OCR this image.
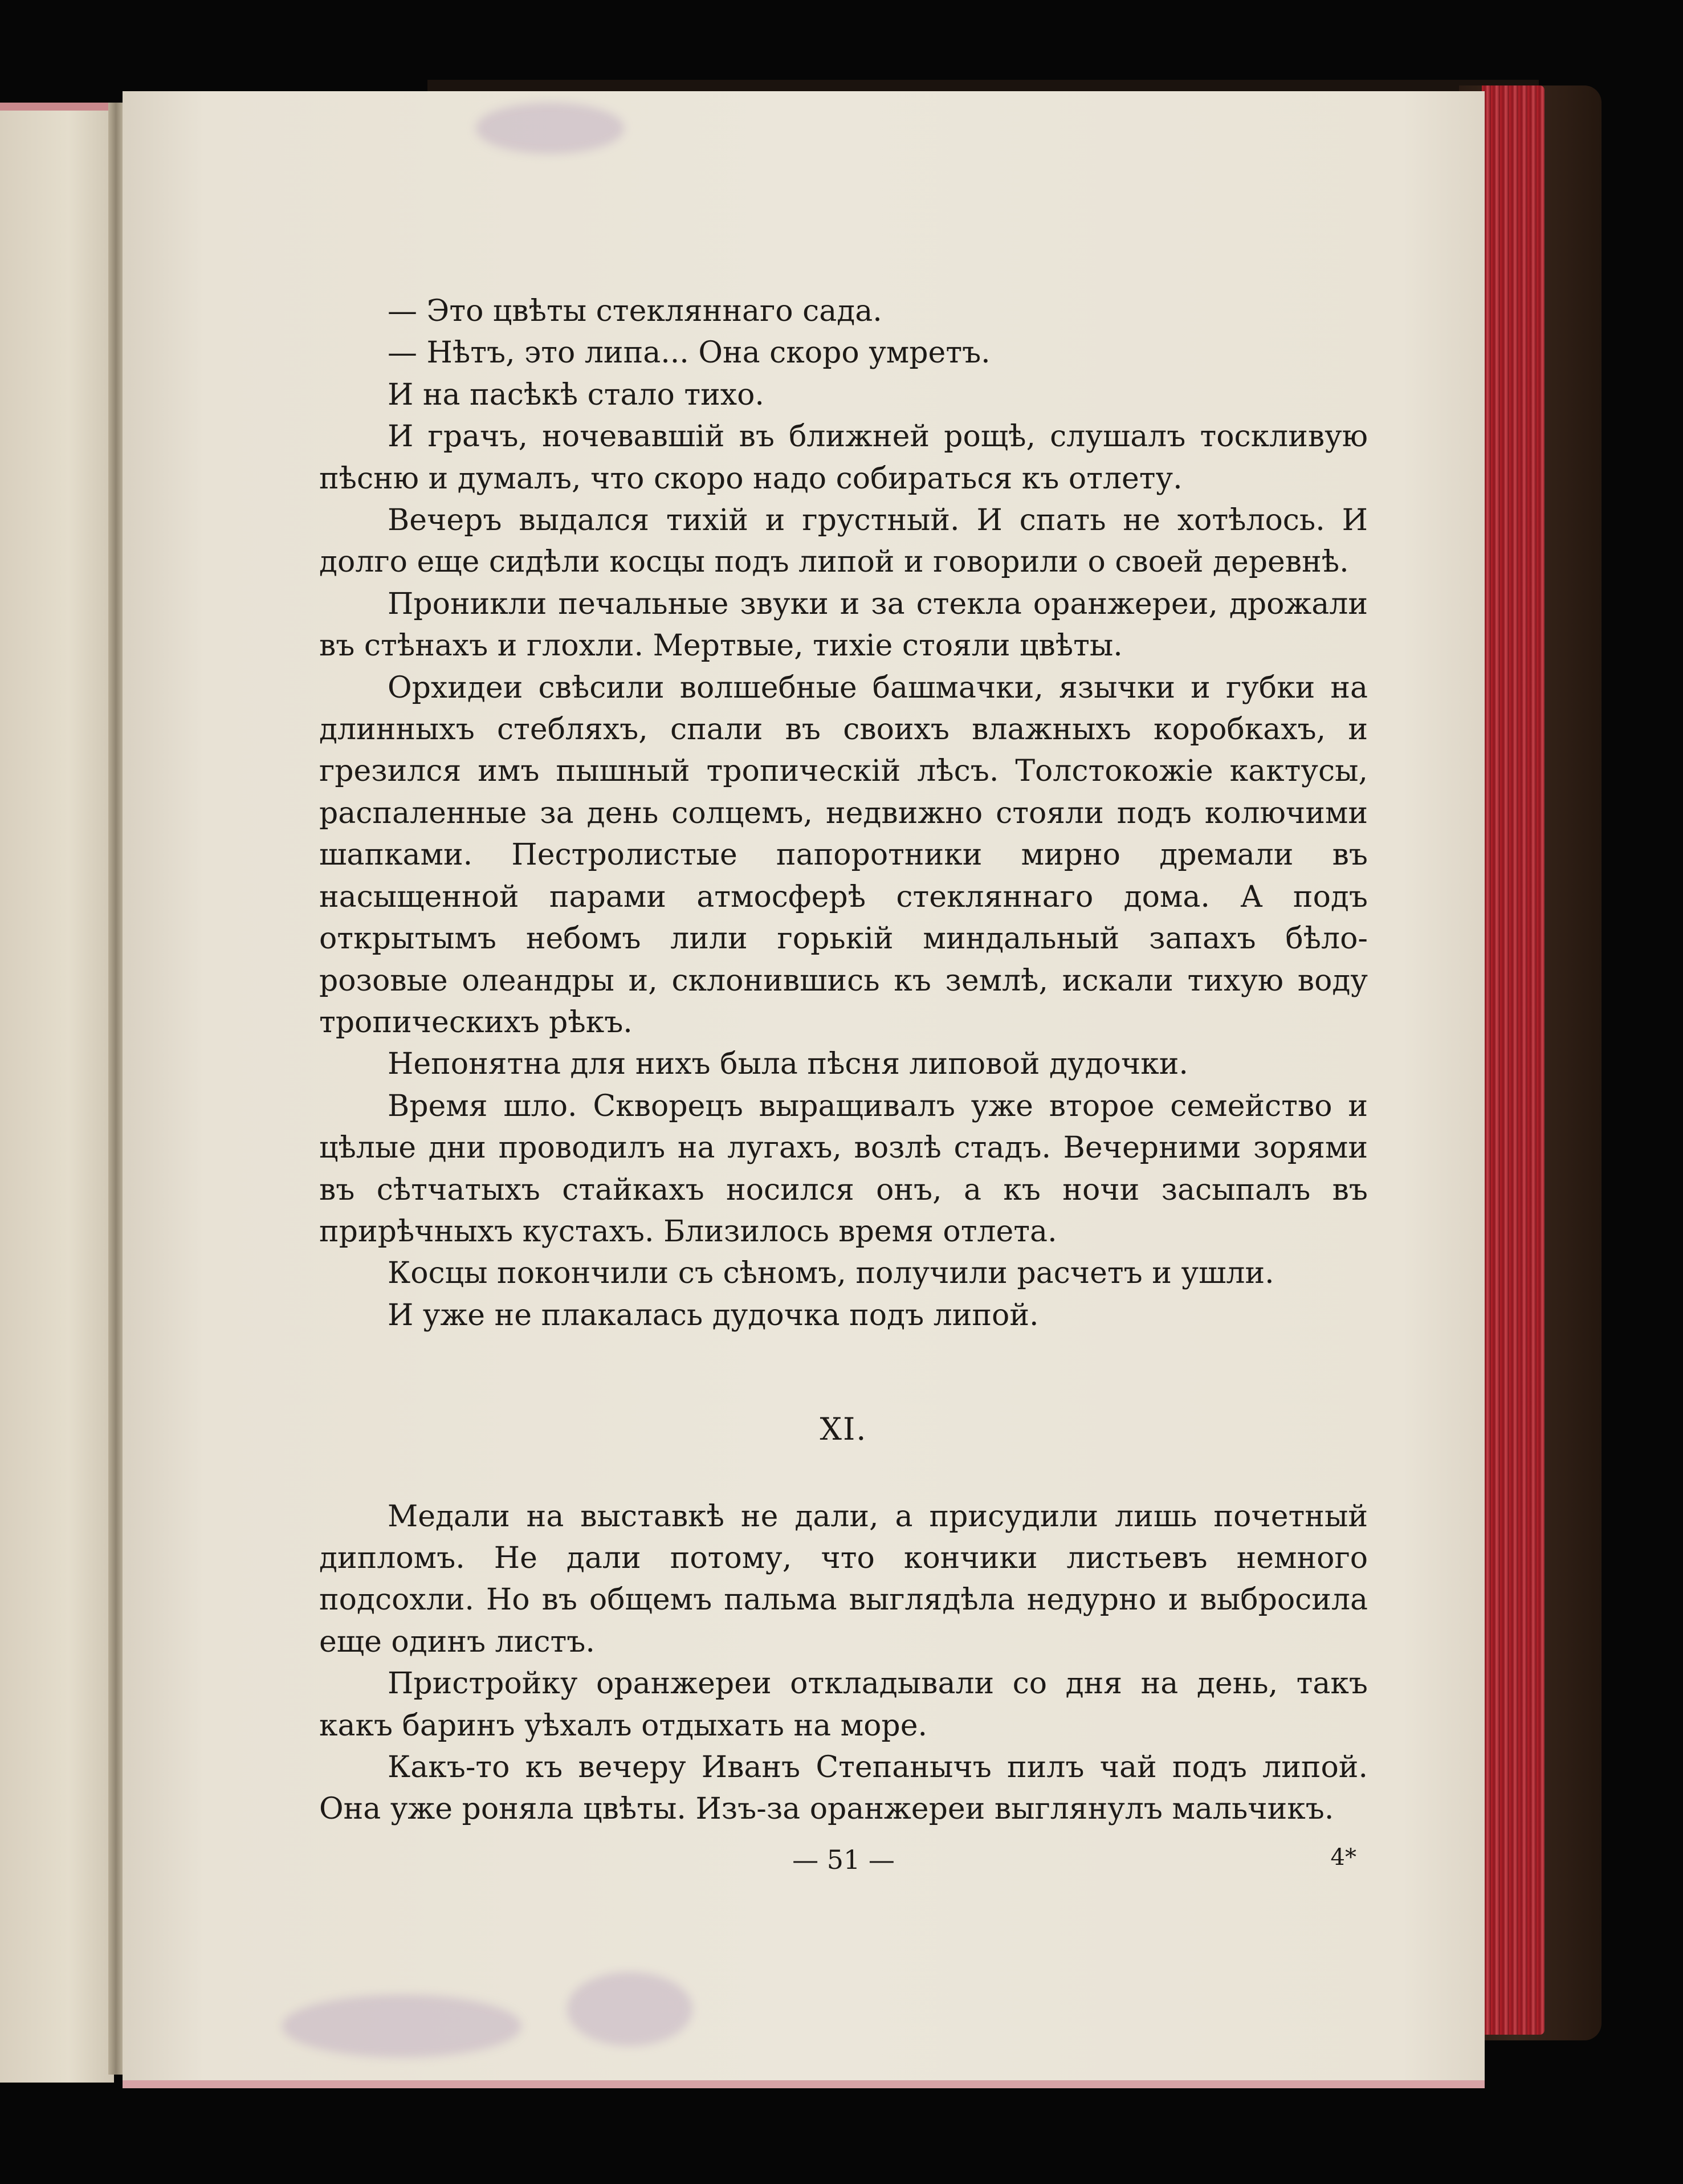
— Это цвѣты стекляннаго сада.

— Нѣтъ, это липа... Она скоро умретъ.

И на пасѣкѣ стало тихо.

И грачъ, ночевавшій въ ближней рощѣ, слушалъ тоскливую пѣсню и думалъ, что скоро надо собираться къ отлету.

Вечеръ выдался тихій и грустный. И спать не хотѣлось. И долго еще сидѣли косцы подъ липой и говорили о своей деревнѣ.

Проникли печальные звуки и за стекла оранжереи, дрожали въ стѣнахъ и глохли. Мертвые, тихіе стояли цвѣты.

Орхидеи свѣсили волшебные башмачки, язычки и губки на длинныхъ стебляхъ, спали въ своихъ влажныхъ коробкахъ, и грезился имъ пышный тропическій лѣсъ. Толстокожіе кактусы, распаленные за день солцемъ, недвижно стояли подъ колючими шапками. Пестролистые папоротники мирно дремали въ насыщенной парами атмосферѣ стекляннаго дома. А подъ открытымъ небомъ лили горькій миндальный запахъ бѣло-розовые олеандры и, склонившись къ землѣ, искали тихую воду тропическихъ рѣкъ.

Непонятна для нихъ была пѣсня липовой дудочки.

Время шло. Скворецъ выращивалъ уже второе семейство и цѣлые дни проводилъ на лугахъ, возлѣ стадъ. Вечерними зорями въ сѣтчатыхъ стайкахъ носился онъ, а къ ночи засыпалъ въ прирѣчныхъ кустахъ. Близилось время отлета.

Косцы покончили съ сѣномъ, получили расчетъ и ушли.

И уже не плакалась дудочка подъ липой.

XI.

Медали на выставкѣ не дали, а присудили лишь почетный дипломъ. Не дали потому, что кончики листьевъ немного подсохли. Но въ общемъ пальма выглядѣла недурно и выбросила еще одинъ листъ.

Пристройку оранжереи откладывали со дня на день, такъ какъ баринъ уѣхалъ отдыхать на море.

Какъ-то къ вечеру Иванъ Степанычъ пилъ чай подъ липой. Она уже роняла цвѣты. Изъ-за оранжереи выглянулъ мальчикъ.

— 51 —	4*
